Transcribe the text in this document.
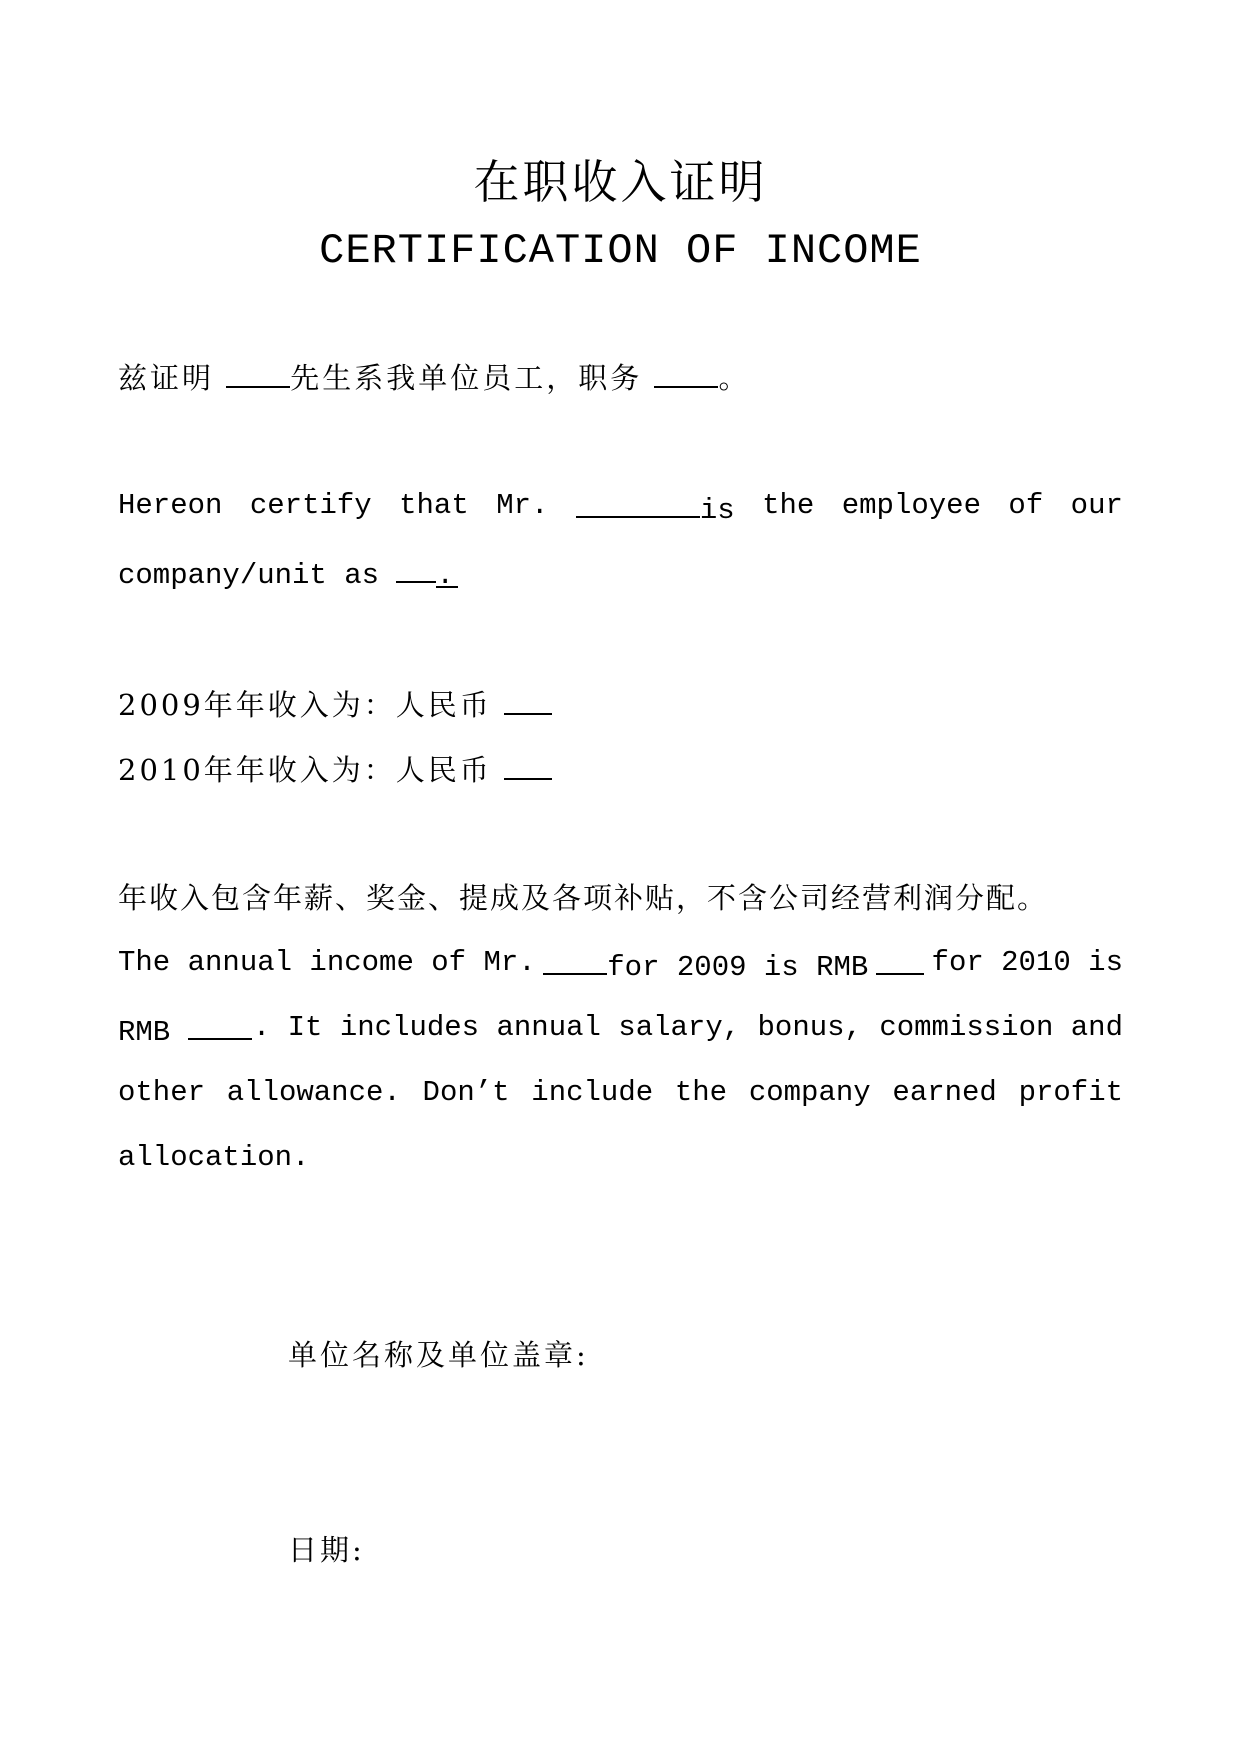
在职收入证明
CERTIFICATION OF INCOME
兹证明	先生系我单位员工，职务	。
Hereon certify that Mr.	is the employee of our
company/unit as .
2009年年收入为：人民币
2010年年收入为：人民币
年收入包含年薪、奖金、提成及各项补贴，不含公司经营利润分配。
The annual income of Mr.	for 2009 is RMB for 2010 is
RMB	. It includes annual salary, bonus, commission and
other allowance. Don’t include the company earned profit
allocation.
单位名称及单位盖章:
日期:
